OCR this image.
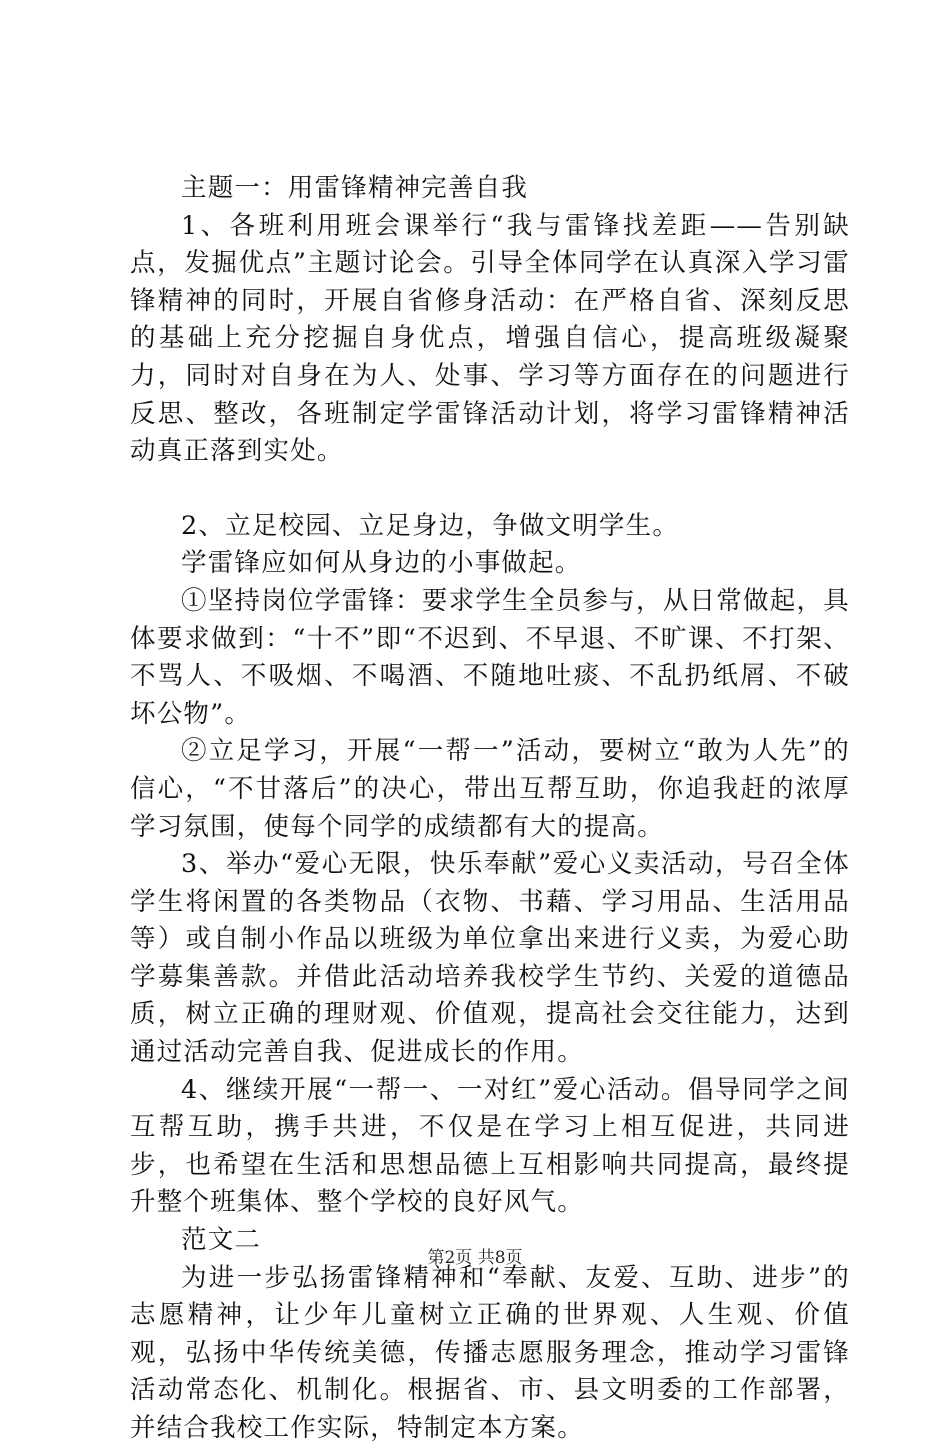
主题一：用雷锋精神完善自我

1、各班利用班会课举行“我与雷锋找差距——告别缺点，发掘优点”主题讨论会。引导全体同学在认真深入学习雷锋精神的同时，开展自省修身活动：在严格自省、深刻反思的基础上充分挖掘自身优点，增强自信心，提高班级凝聚力，同时对自身在为人、处事、学习等方面存在的问题进行反思、整改，各班制定学雷锋活动计划，将学习雷锋精神活动真正落到实处。

2、立足校园、立足身边，争做文明学生。

学雷锋应如何从身边的小事做起。

①坚持岗位学雷锋：要求学生全员参与，从日常做起，具体要求做到：“十不”即“不迟到、不早退、不旷课、不打架、不骂人、不吸烟、不喝酒、不随地吐痰、不乱扔纸屑、不破坏公物”。

②立足学习，开展“一帮一”活动，要树立“敢为人先”的信心，“不甘落后”的决心，带出互帮互助，你追我赶的浓厚学习氛围，使每个同学的成绩都有大的提高。

3、举办“爱心无限，快乐奉献”爱心义卖活动，号召全体学生将闲置的各类物品（衣物、书藉、学习用品、生活用品等）或自制小作品以班级为单位拿出来进行义卖，为爱心助学募集善款。并借此活动培养我校学生节约、关爱的道德品质，树立正确的理财观、价值观，提高社会交往能力，达到通过活动完善自我、促进成长的作用。

4、继续开展“一帮一、一对红”爱心活动。倡导同学之间互帮互助，携手共进，不仅是在学习上相互促进，共同进步，也希望在生活和思想品德上互相影响共同提高，最终提升整个班集体、整个学校的良好风气。

范文二

为进一步弘扬雷锋精神和“奉献、友爱、互助、进步”的志愿精神，让少年儿童树立正确的世界观、人生观、价值观，弘扬中华传统美德，传播志愿服务理念，推动学习雷锋活动常态化、机制化。根据省、市、县文明委的工作部署，并结合我校工作实际，特制定本方案。

第2页 共8页
